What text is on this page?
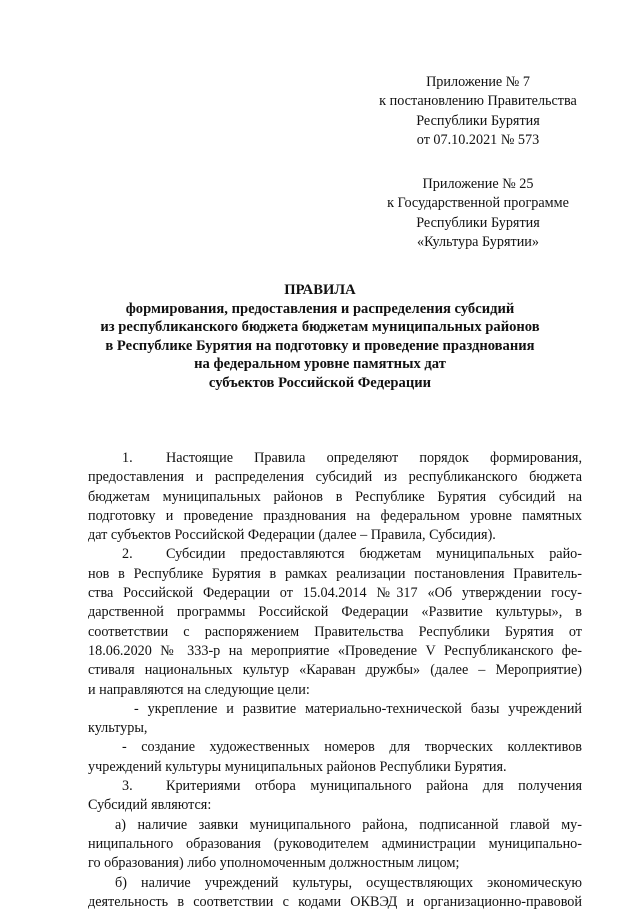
Приложение № 7
к постановлению Правительства
Республики Бурятия
от 07.10.2021 № 573
Приложение № 25
к Государственной программе
Республики Бурятия
«Культура Бурятии»
ПРАВИЛА
формирования, предоставления и распределения субсидий
из республиканского бюджета бюджетам муниципальных районов
в Республике Бурятия на подготовку и проведение празднования
на федеральном уровне памятных дат
субъектов Российской Федерации
1. Настоящие Правила определяют порядок формирования,
предоставления и распределения субсидий из республиканского бюджета
бюджетам муниципальных районов в Республике Бурятия субсидий на
подготовку и проведение празднования на федеральном уровне памятных
дат субъектов Российской Федерации (далее – Правила, Субсидия).
2. Субсидии предоставляются бюджетам муниципальных райо-
нов в Республике Бурятия в рамках реализации постановления Правитель-
ства Российской Федерации от 15.04.2014 №317 «Об утверждении госу-
дарственной программы Российской Федерации «Развитие культуры», в
соответствии с распоряжением Правительства Республики Бурятия от
18.06.2020 № 333-р на мероприятие «Проведение V Республиканского фе-
стиваля национальных культур «Караван дружбы» (далее – Мероприятие)
и направляются на следующие цели:
- укрепление и развитие материально-технической базы учреждений
культуры,
- создание художественных номеров для творческих коллективов
учреждений культуры муниципальных районов Республики Бурятия.
3. Критериями отбора муниципального района для получения
Субсидий являются:
а) наличие заявки муниципального района, подписанной главой му-
ниципального образования (руководителем администрации муниципально-
го образования) либо уполномоченным должностным лицом;
б) наличие учреждений культуры, осуществляющих экономическую
деятельность в соответствии с кодами ОКВЭД и организационно-правовой
